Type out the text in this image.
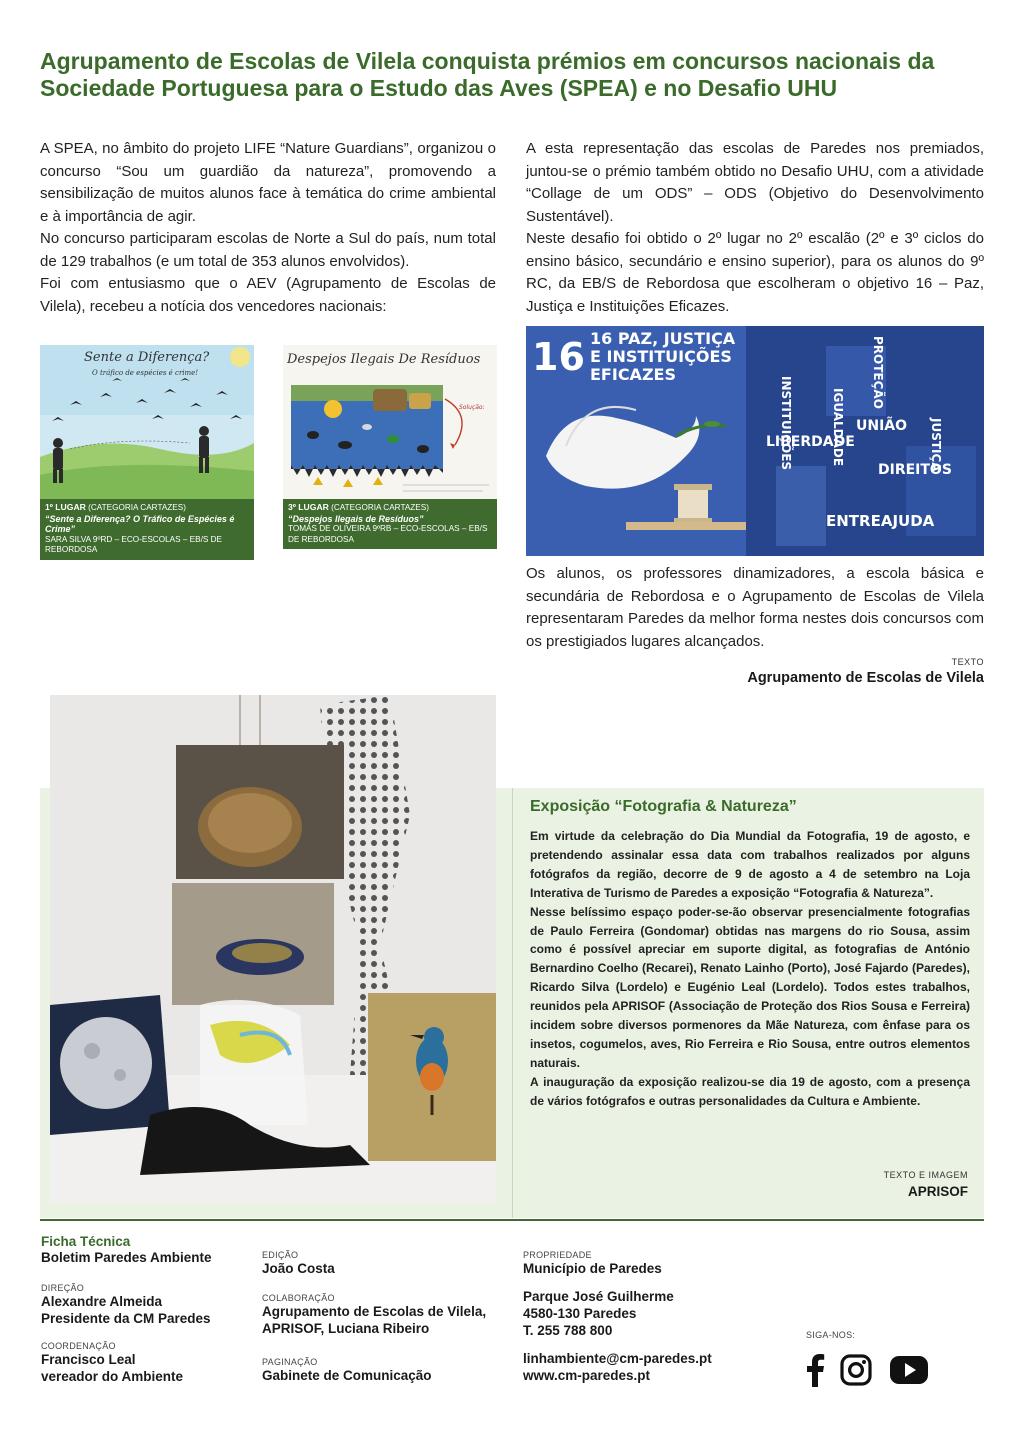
Agrupamento de Escolas de Vilela conquista prémios em concursos nacionais da
Sociedade Portuguesa para o Estudo das Aves (SPEA) e no Desafio UHU

A SPEA, no âmbito do projeto LIFE “Nature Guardians”, organizou o concurso “Sou um guardião da natureza”, promovendo a sensibilização de muitos alunos face à temática do crime ambiental e à importância de agir.

No concurso participaram escolas de Norte a Sul do país, num total de 129 trabalhos (e um total de 353 alunos envolvidos).

Foi com entusiasmo que o AEV (Agrupamento de Escolas de Vilela), recebeu a notícia dos vencedores nacionais:

Sente a Diferença?
O tráfico de espécies é crime!
1º LUGAR (CATEGORIA CARTAZES)
“Sente a Diferença? O Tráfico de Espécies é Crime”
SARA SILVA 9ºRD – ECO-ESCOLAS – EB/S DE REBORDOSA
Despejos Ilegais De Resíduos
Solução:
3º LUGAR (CATEGORIA CARTAZES)
“Despejos Ilegais de Resíduos”
TOMÁS DE OLIVEIRA 9ºRB – ECO-ESCOLAS – EB/S DE REBORDOSA

A esta representação das escolas de Paredes nos premiados, juntou-se o prémio também obtido no Desafio UHU, com a atividade “Collage de um ODS” – ODS (Objetivo do Desenvolvimento Sustentável).

Neste desafio foi obtido o 2º lugar no 2º escalão (2º e 3º ciclos do ensino básico, secundário e ensino superior), para os alunos do 9º RC, da EB/S de Rebordosa que escolheram o objetivo 16 – Paz, Justiça e Instituições Eficazes.

16 16 PAZ, JUSTIÇA
E INSTITUIÇÕES
EFICAZES
LIBERDADE
UNIÃO
DIREITOS
ENTREAJUDA
INSTITUIÇÕES	IGUALDADE
PROTEÇÃO
JUSTIÇA

Os alunos, os professores dinamizadores, a escola básica e secundária de Rebordosa e o Agrupamento de Escolas de Vilela representaram Paredes da melhor forma nestes dois concursos com os prestigiados lugares alcançados.

TEXTO
Agrupamento de Escolas de Vilela
Exposição “Fotografia & Natureza”

Em virtude da celebração do Dia Mundial da Fotografia, 19 de agosto, e pretendendo assinalar essa data com trabalhos realizados por alguns fotógrafos da região, decorre de 9 de agosto a 4 de setembro na Loja Interativa de Turismo de Paredes a exposição “Fotografia & Natureza”.

Nesse belíssimo espaço poder-se-ão observar presencialmente fotografias de Paulo Ferreira (Gondomar) obtidas nas margens do rio Sousa, assim como é possível apreciar em suporte digital, as fotografias de António Bernardino Coelho (Recarei), Renato Lainho (Porto), José Fajardo (Paredes), Ricardo Silva (Lordelo) e Eugénio Leal (Lordelo). Todos estes trabalhos, reunidos pela APRISOF (Associação de Proteção dos Rios Sousa e Ferreira) incidem sobre diversos pormenores da Mãe Natureza, com ênfase para os insetos, cogumelos, aves, Rio Ferreira e Rio Sousa, entre outros elementos naturais.

A inauguração da exposição realizou-se dia 19 de agosto, com a presença de vários fotógrafos e outras personalidades da Cultura e Ambiente.

TEXTO E IMAGEM
APRISOF
Ficha Técnica
Boletim Paredes Ambiente
DIREÇÃO
Alexandre Almeida
Presidente da CM Paredes
COORDENAÇÃO
Francisco Leal
vereador do Ambiente
EDIÇÃO
João Costa
COLABORAÇÃO
Agrupamento de Escolas de Vilela,
APRISOF, Luciana Ribeiro
PAGINAÇÃO
Gabinete de Comunicação
PROPRIEDADE
Município de Paredes
Parque José Guilherme
4580-130 Paredes
T. 255 788 800
linhambiente@cm-paredes.pt
www.cm-paredes.pt
SIGA-NOS:
